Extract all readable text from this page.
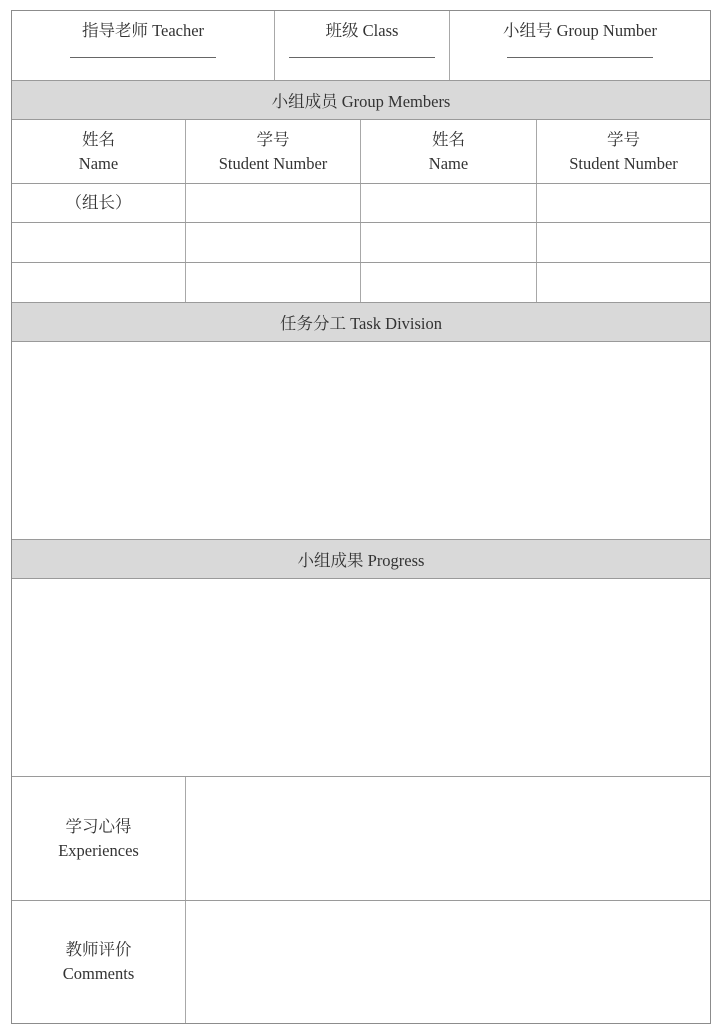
指导老师 Teacher	班级 Class	小组号 Group Number
小组成员 Group Members
姓名
Name
学号
Student Number
姓名
Name
学号
Student Number
（组长）
任务分工 Task Division
小组成果 Progress
学习心得
Experiences
教师评价
Comments
